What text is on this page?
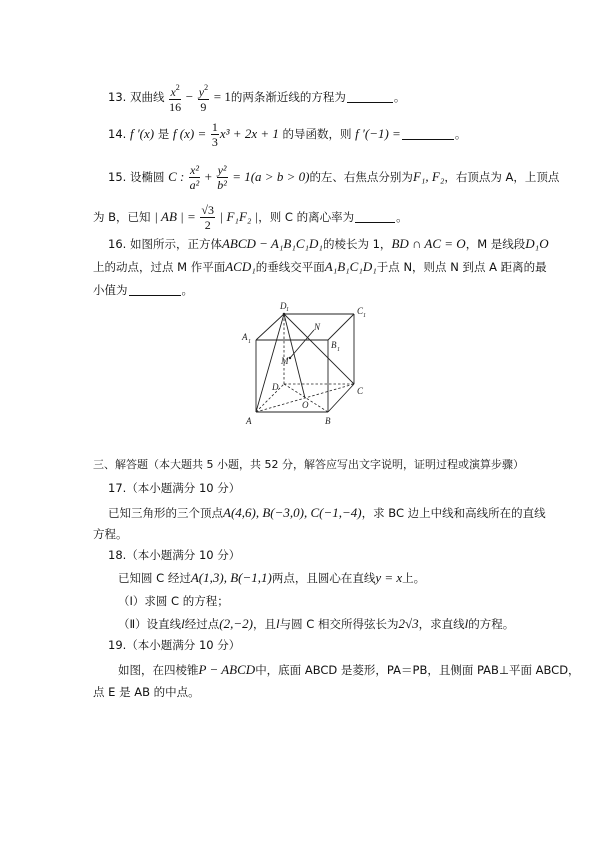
13. 双曲线 $\frac{x^2}{16} - \frac{y^2}{9} = 1$的两条渐近线的方程为	。
14. f ′(x) 是 f $(x) = \frac{1}{3} x^3 + 2x + 1$ 的导函数，则 f ′(−1) =	。
15. 设椭圆 C : $\frac{\text{x²}}{\text{a²}} + \frac{\text{y²}}{\text{b²}} = 1(a > b > 0)$的左、右焦点分别为F₁, F₂，右顶点为 A，上顶点
为 B，已知 | AB | = $\frac{√3}{2}$ | F₁F₂ |，则 C 的离心率为	。
16. 如图所示，正方体ABCD − A₁B₁C₁D₁的棱长为 1，BD ∩ AC = O，M 是线段D₁O
上的动点，过点 M 作平面ACD₁的垂线交平面A₁B₁C₁D₁于点 N，则点 N 到点 A 距离的最
小值为	。
D 1	C 1
A 1	B 1
N
M
D	C
O
A	B
三、解答题（本大题共 5 小题，共 52 分，解答应写出文字说明，证明过程或演算步骤）
17.（本小题满分 10 分）
已知三角形的三个顶点A(4,6), B(−3,0), C(−1,−4)，求 BC 边上中线和高线所在的直线
方程。
18.（本小题满分 10 分）
已知圆 C 经过A(1,3), B(−1,1)两点，且圆心在直线y = x上。
（Ⅰ）求圆 C 的方程；
（Ⅱ）设直线l经过点(2,−2)，且l与圆 C 相交所得弦长为2√3，求直线l的方程。
19.（本小题满分 10 分）
如图，在四棱锥P − ABCD中，底面 ABCD 是菱形，PA＝PB，且侧面 PAB⊥平面 ABCD，
点 E 是 AB 的中点。
